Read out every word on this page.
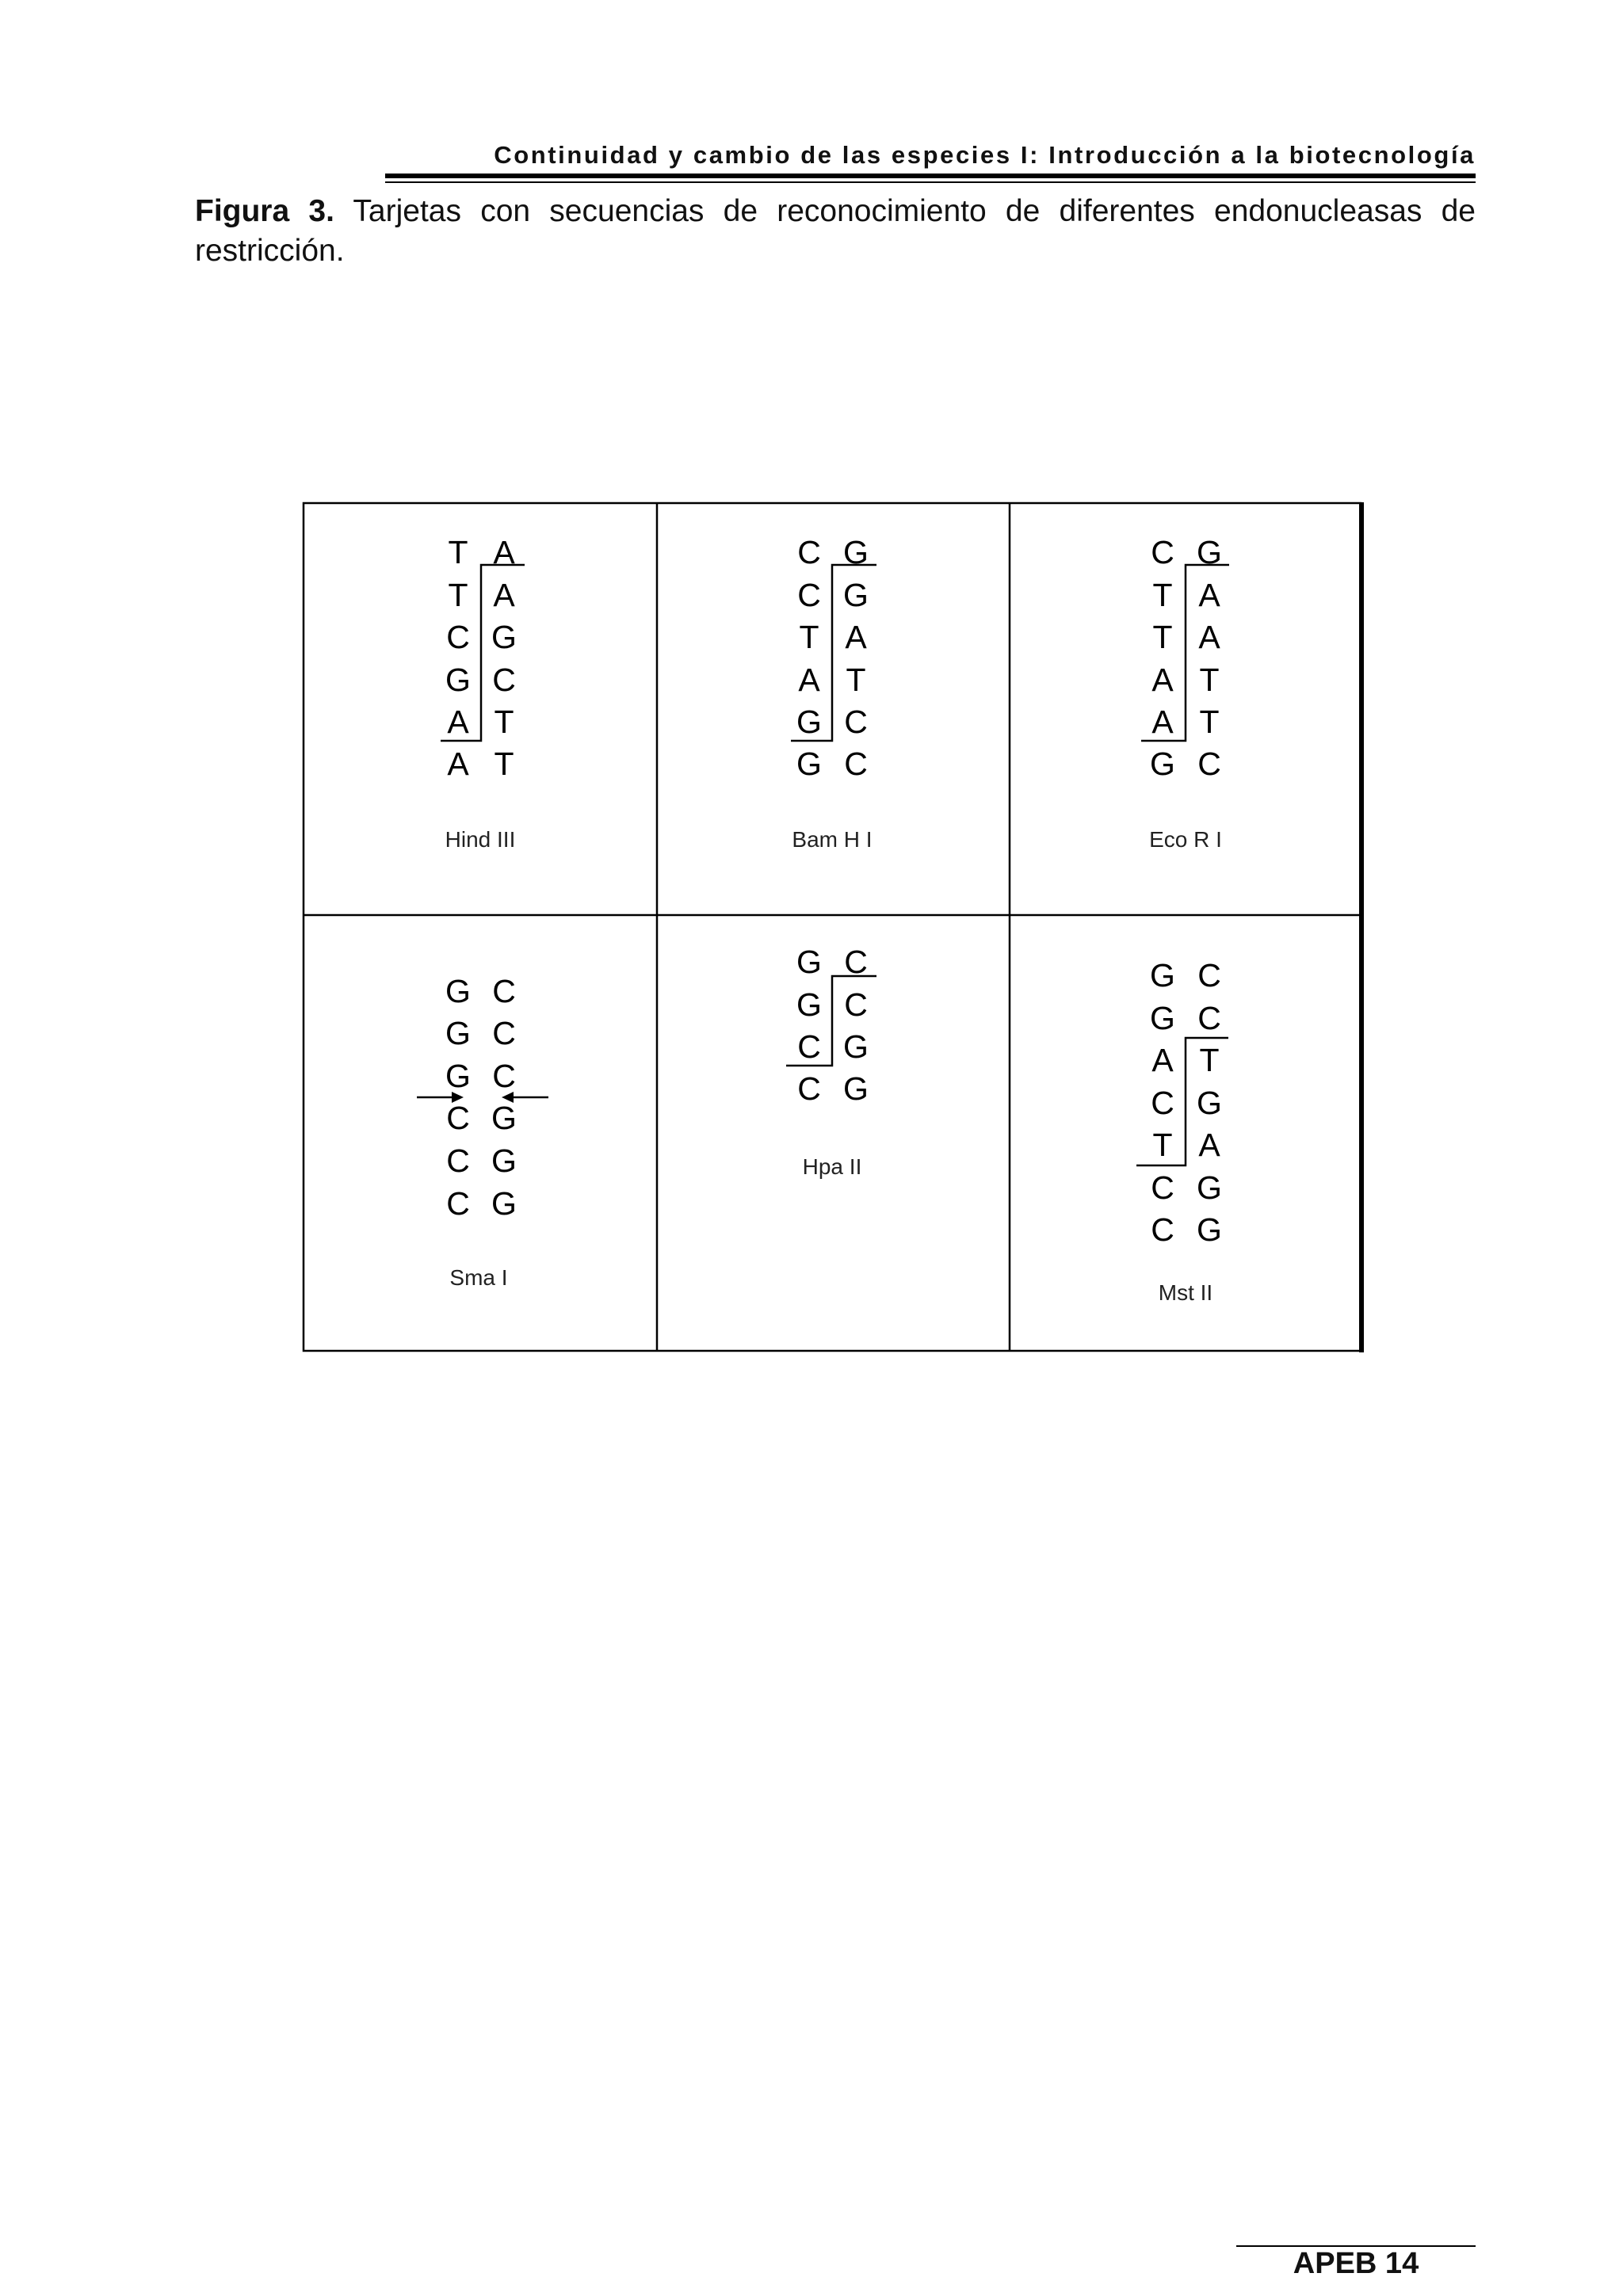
Continuidad y cambio de las especies I: Introducción a la biotecnología
Figura 3. Tarjetas con secuencias de reconocimiento de diferentes endonucleasas de restricción.
T A
T A
C G
G C
A T
A T
Hind III
C G
C G
T A
A T
G C
G C
Bam H I
C G
T A
T A
A T
A T
G C
Eco R I
G C
G C
G C
C G
C G
C G
Sma I
G C
G C
C G
C G
Hpa II
G C
G C
A T
C G
T A
C G
C G
Mst II
APEB 14
